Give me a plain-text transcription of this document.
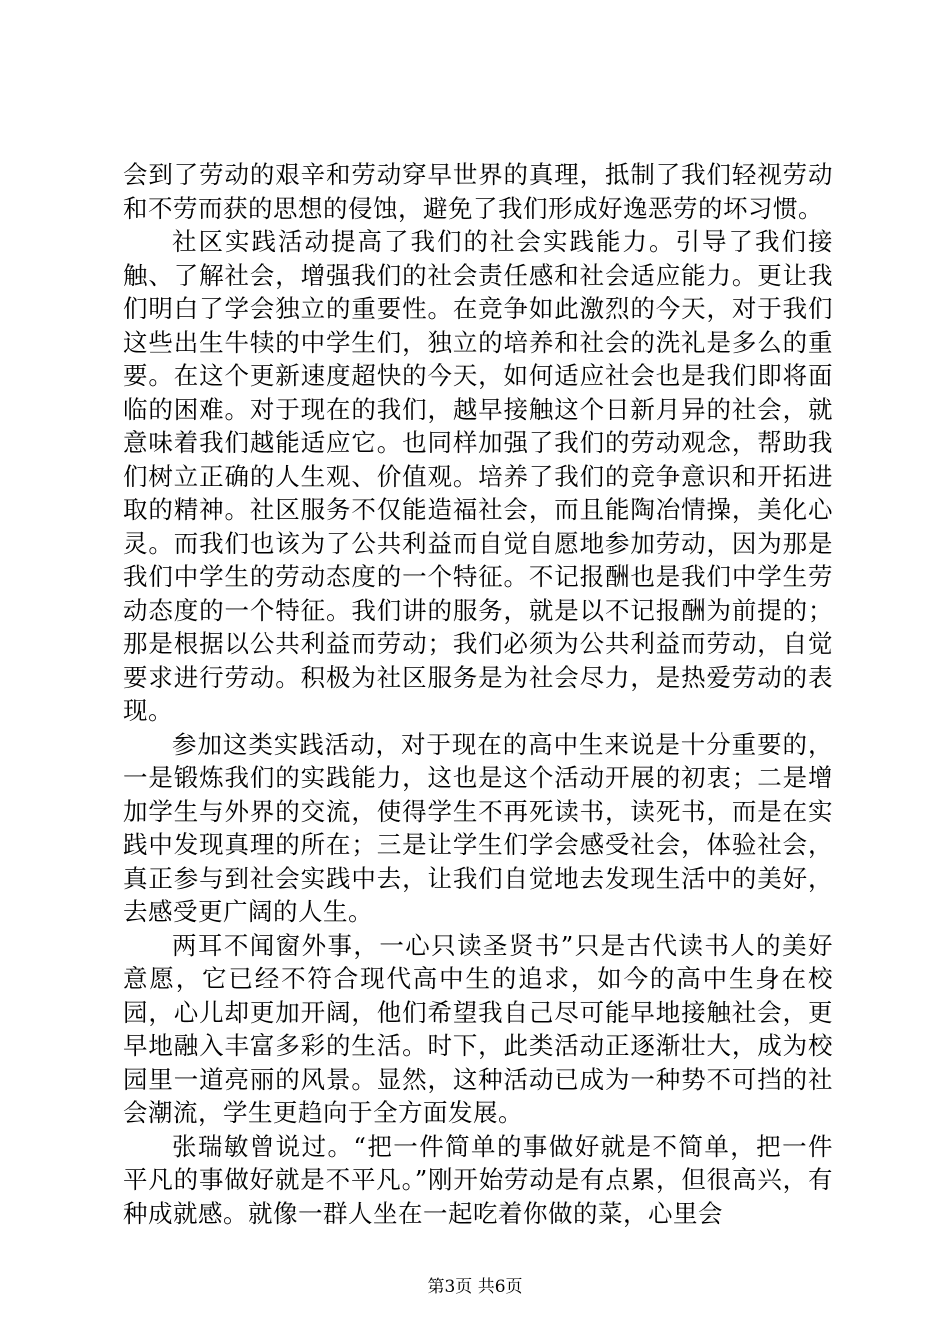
会到了劳动的艰辛和劳动穿早世界的真理，抵制了我们轻视劳动和不劳而获的思想的侵蚀，避免了我们形成好逸恶劳的坏习惯。

社区实践活动提高了我们的社会实践能力。引导了我们接触、了解社会，增强我们的社会责任感和社会适应能力。更让我们明白了学会独立的重要性。在竞争如此激烈的今天，对于我们这些出生牛犊的中学生们，独立的培养和社会的洗礼是多么的重要。在这个更新速度超快的今天，如何适应社会也是我们即将面临的困难。对于现在的我们，越早接触这个日新月异的社会，就意味着我们越能适应它。也同样加强了我们的劳动观念，帮助我们树立正确的人生观、价值观。培养了我们的竞争意识和开拓进取的精神。社区服务不仅能造福社会，而且能陶冶情操，美化心灵。而我们也该为了公共利益而自觉自愿地参加劳动，因为那是我们中学生的劳动态度的一个特征。不记报酬也是我们中学生劳动态度的一个特征。我们讲的服务，就是以不记报酬为前提的；那是根据以公共利益而劳动；我们必须为公共利益而劳动，自觉要求进行劳动。积极为社区服务是为社会尽力，是热爱劳动的表现。

参加这类实践活动，对于现在的高中生来说是十分重要的，一是锻炼我们的实践能力，这也是这个活动开展的初衷；二是增加学生与外界的交流，使得学生不再死读书，读死书，而是在实践中发现真理的所在；三是让学生们学会感受社会，体验社会，真正参与到社会实践中去，让我们自觉地去发现生活中的美好，去感受更广阔的人生。

两耳不闻窗外事，一心只读圣贤书”只是古代读书人的美好意愿，它已经不符合现代高中生的追求，如今的高中生身在校园，心儿却更加开阔，他们希望我自己尽可能早地接触社会，更早地融入丰富多彩的生活。时下，此类活动正逐渐壮大，成为校园里一道亮丽的风景。显然，这种活动已成为一种势不可挡的社会潮流，学生更趋向于全方面发展。

张瑞敏曾说过。“把一件简单的事做好就是不简单，把一件平凡的事做好就是不平凡。”刚开始劳动是有点累，但很高兴，有种成就感。就像一群人坐在一起吃着你做的菜，心里会

第3页 共6页
